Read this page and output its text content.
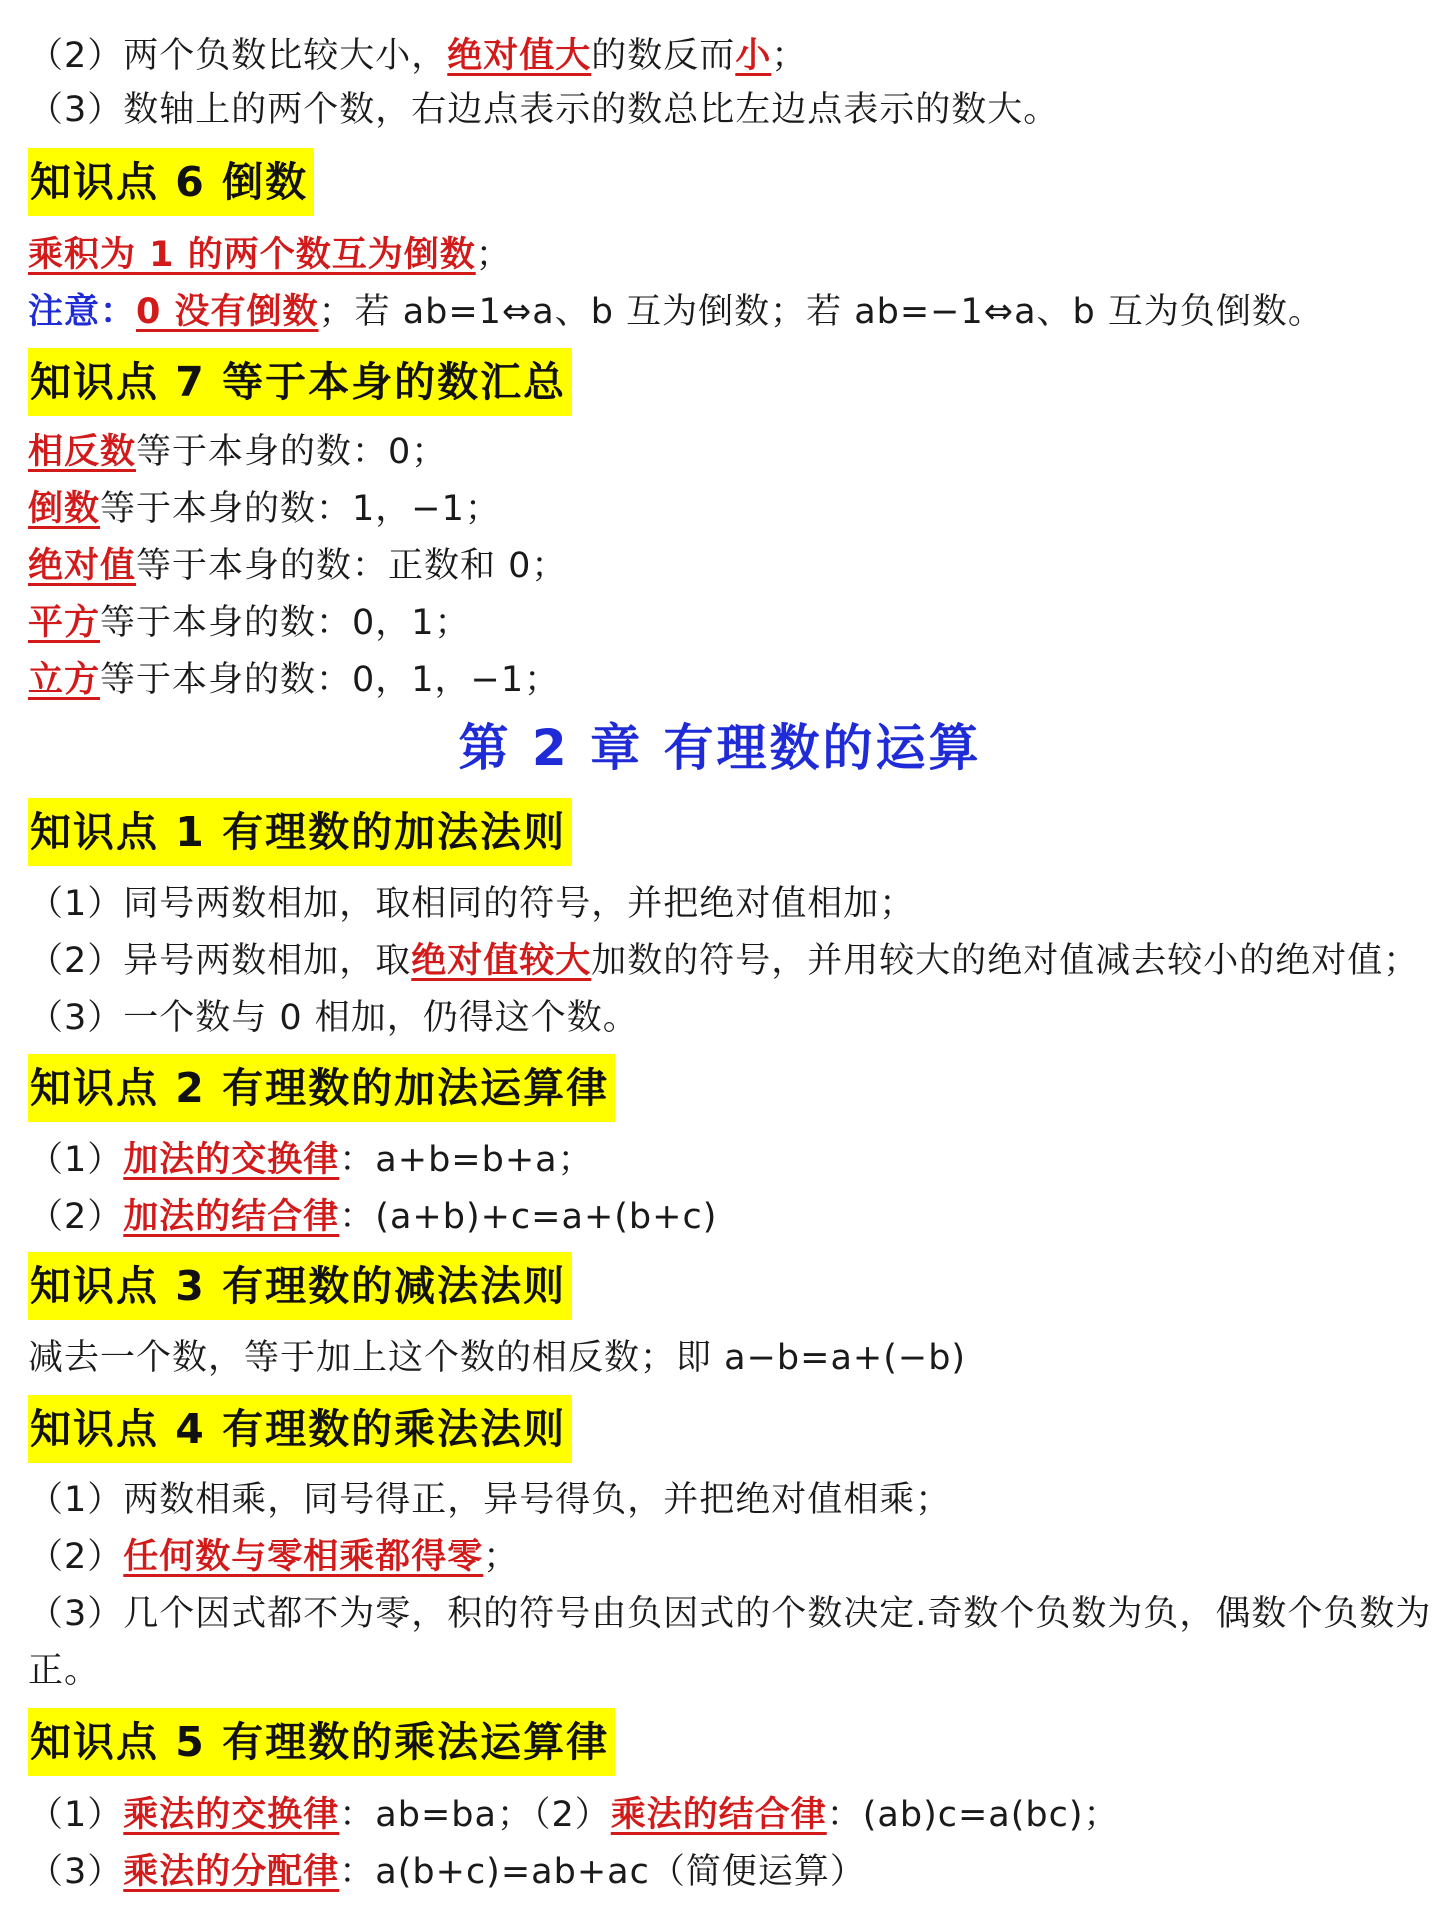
（2）两个负数比较大小，绝对值大的数反而小；
（3）数轴上的两个数，右边点表示的数总比左边点表示的数大。
知识点 6 倒数
乘积为 1 的两个数互为倒数；
注意：0 没有倒数；若 ab=1⇔a、b 互为倒数；若 ab=−1⇔a、b 互为负倒数。
知识点 7 等于本身的数汇总
相反数等于本身的数：0；
倒数等于本身的数：1，−1；
绝对值等于本身的数：正数和 0；
平方等于本身的数：0，1；
立方等于本身的数：0，1，−1；
第 2 章 有理数的运算
知识点 1 有理数的加法法则
（1）同号两数相加，取相同的符号，并把绝对值相加；
（2）异号两数相加，取绝对值较大加数的符号，并用较大的绝对值减去较小的绝对值；
（3）一个数与 0 相加，仍得这个数。
知识点 2 有理数的加法运算律
（1）加法的交换律：a+b=b+a；
（2）加法的结合律：(a+b)+c=a+(b+c)
知识点 3 有理数的减法法则
减去一个数，等于加上这个数的相反数；即 a−b=a+(−b)
知识点 4 有理数的乘法法则
（1）两数相乘，同号得正，异号得负，并把绝对值相乘；
（2）任何数与零相乘都得零；
（3）几个因式都不为零，积的符号由负因式的个数决定.奇数个负数为负，偶数个负数为
正。
知识点 5 有理数的乘法运算律
（1）乘法的交换律：ab=ba；（2）乘法的结合律：(ab)c=a(bc)；
（3）乘法的分配律：a(b+c)=ab+ac（简便运算）
